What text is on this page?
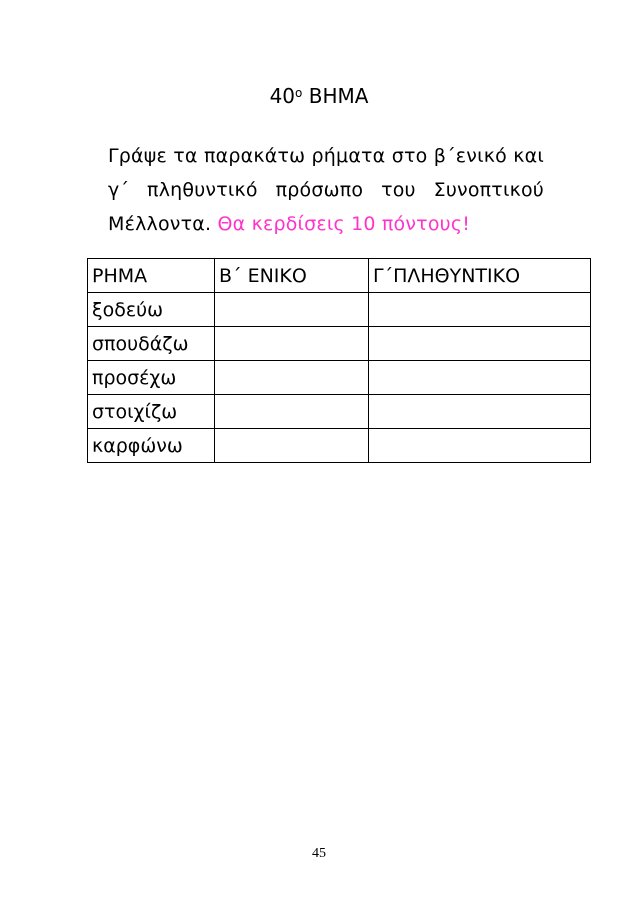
$40^o$ ΒΗΜΑ
Γράψε τα παρακάτω ρήματα στο β΄ενικό και γ΄ πληθυντικό πρόσωπο του Συνοπτικού Μέλλοντα. Θα κερδίσεις 10 πόντους!
ΡΗΜΑ	Β΄ ΕΝΙΚΟ	Γ΄ΠΛΗΘΥΝΤΙΚΟ
ξοδεύω		
σπουδάζω		
προσέχω		
στοιχίζω		
καρφώνω		
45
